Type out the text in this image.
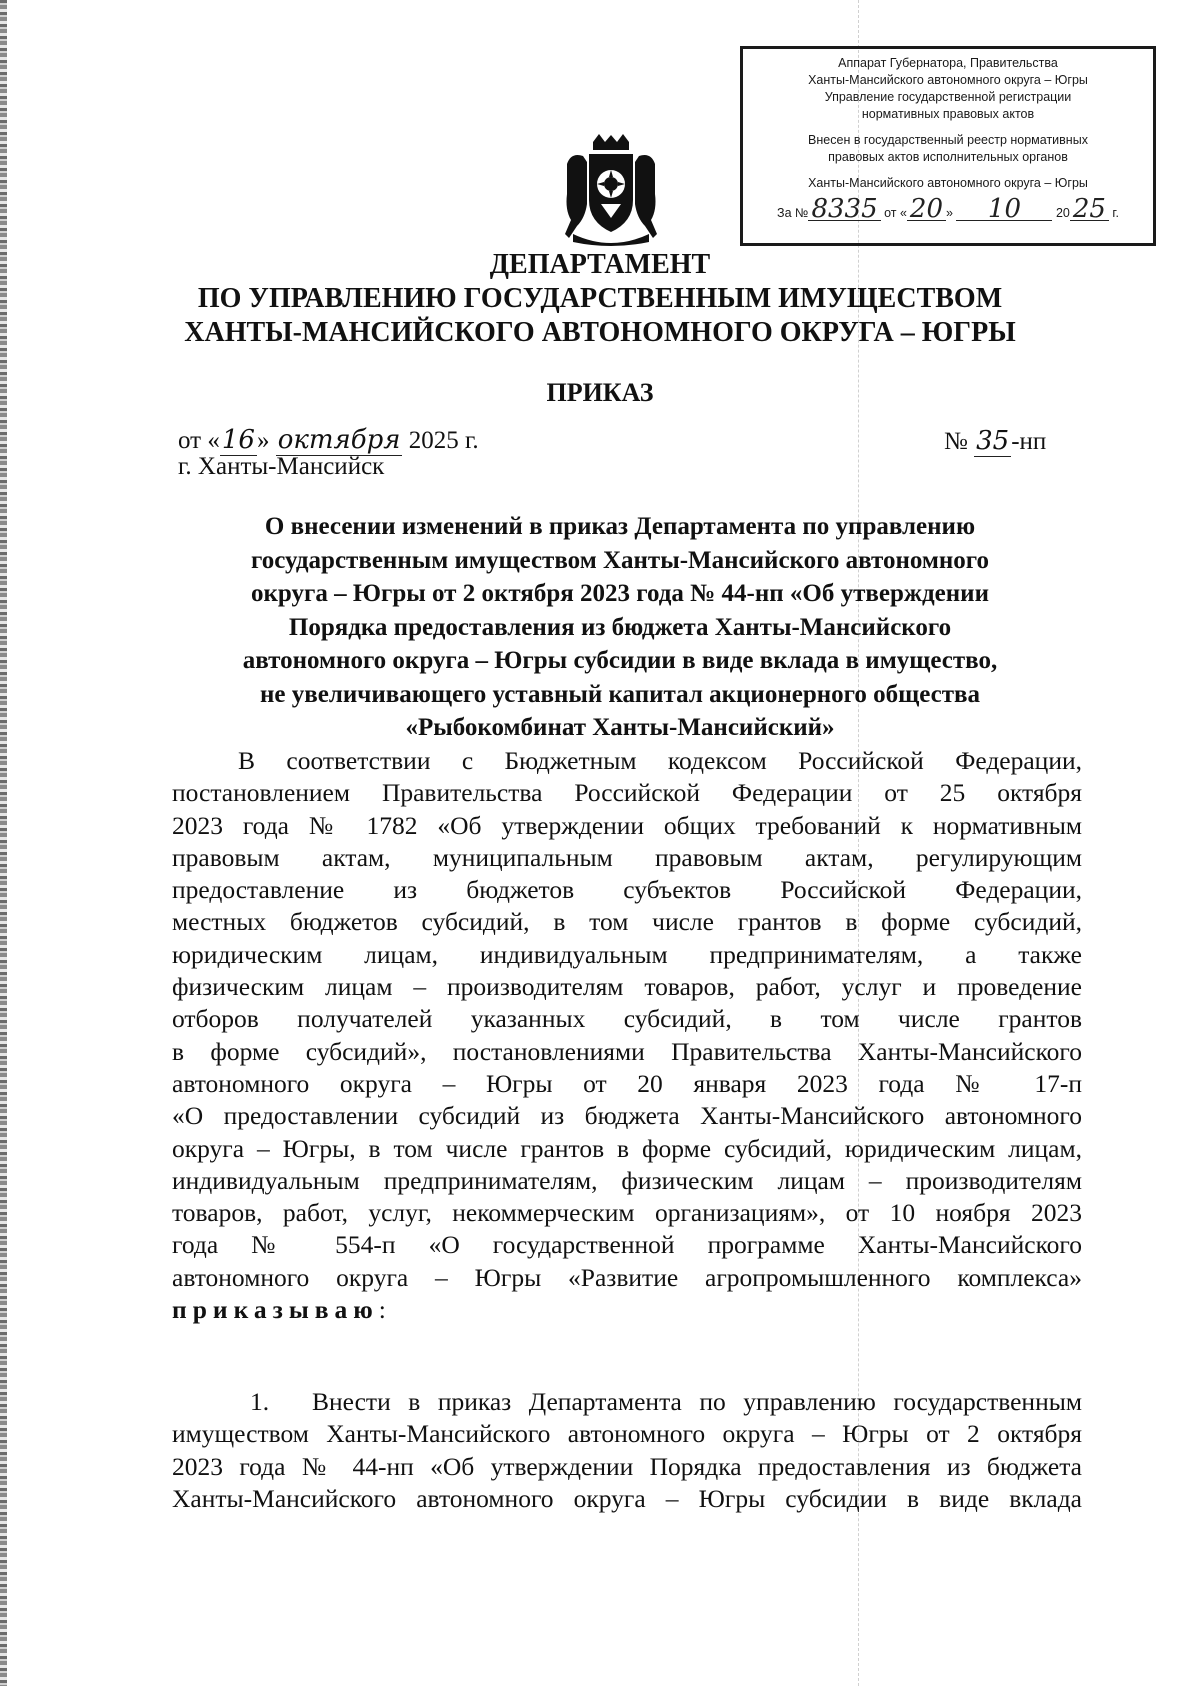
Аппарат Губернатора, Правительства
Ханты-Мансийского автономного округа – Югры
Управление государственной регистрации
нормативных правовых актов
Внесен в государственный реестр нормативных
правовых актов исполнительных органов
Ханты-Мансийского автономного округа – Югры
За № 8335 от « 20 » 10	20 25 г.
ДЕПАРТАМЕНТ
ПО УПРАВЛЕНИЮ ГОСУДАРСТВЕННЫМ ИМУЩЕСТВОМ
ХАНТЫ-МАНСИЙСКОГО АВТОНОМНОГО ОКРУГА – ЮГРЫ
ПРИКАЗ
от «16» октября 2025 г.
г. Ханты-Мансийск
№ 35-нп
О внесении изменений в приказ Департамента по управлению
государственным имуществом Ханты-Мансийского автономного
округа – Югры от 2 октября 2023 года № 44-нп «Об утверждении
Порядка предоставления из бюджета Ханты-Мансийского
автономного округа – Югры субсидии в виде вклада в имущество,
не увеличивающего уставный капитал акционерного общества
«Рыбокомбинат Ханты-Мансийский»
В соответствии с Бюджетным кодексом Российской Федерации,
постановлением Правительства Российской Федерации от 25 октября
2023 года № 1782 «Об утверждении общих требований к нормативным
правовым актам, муниципальным правовым актам, регулирующим
предоставление из бюджетов субъектов Российской Федерации,
местных бюджетов субсидий, в том числе грантов в форме субсидий,
юридическим лицам, индивидуальным предпринимателям, а также
физическим лицам – производителям товаров, работ, услуг и проведение
отборов получателей указанных субсидий, в том числе грантов
в форме субсидий», постановлениями Правительства Ханты-Мансийского
автономного округа – Югры от 20 января 2023 года № 17-п
«О предоставлении субсидий из бюджета Ханты-Мансийского автономного
округа – Югры, в том числе грантов в форме субсидий, юридическим лицам,
индивидуальным предпринимателям, физическим лицам – производителям
товаров, работ, услуг, некоммерческим организациям», от 10 ноября 2023
года № 554-п «О государственной программе Ханты-Мансийского
автономного округа – Югры «Развитие агропромышленного комплекса»
приказываю:
1. Внести в приказ Департамента по управлению государственным
имуществом Ханты-Мансийского автономного округа – Югры от 2 октября
2023 года № 44-нп «Об утверждении Порядка предоставления из бюджета
Ханты-Мансийского автономного округа – Югры субсидии в виде вклада
